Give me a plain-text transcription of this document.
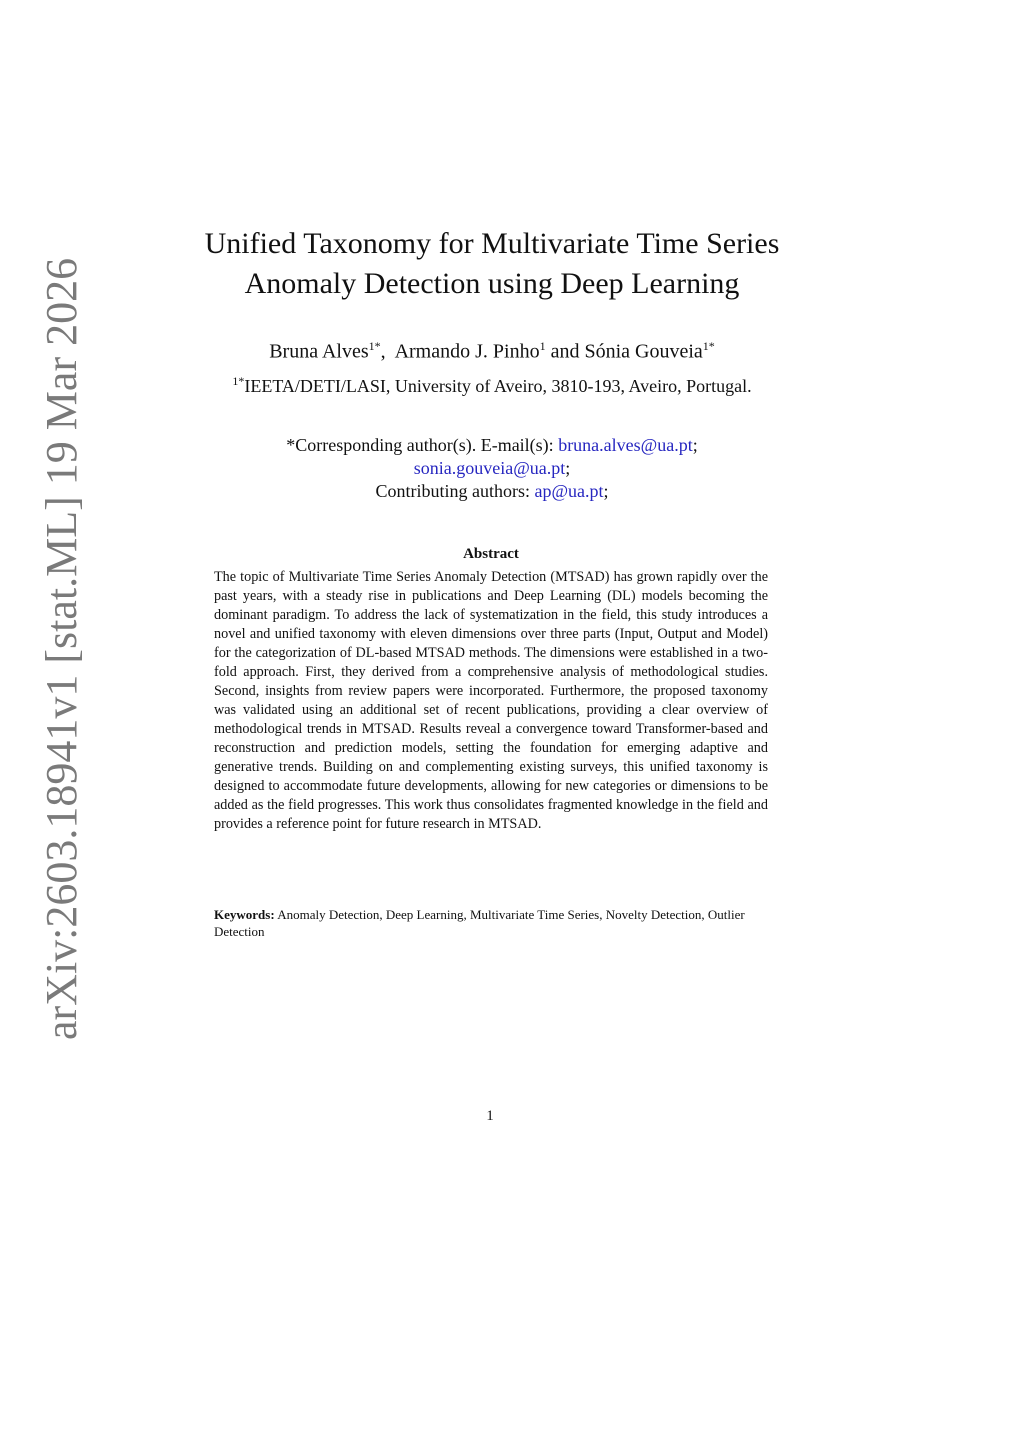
arXiv:2603.18941v1 [stat.ML] 19 Mar 2026
Unified Taxonomy for Multivariate Time Series
Anomaly Detection using Deep Learning
Bruna Alves$^{1*}$,  Armando J. Pinho$^1$ and Sónia Gouveia$^{1*}$
$^{1*}$IEETA/DETI/LASI, University of Aveiro, 3810-193, Aveiro, Portugal.
*Corresponding author(s). E-mail(s): bruna.alves@ua.pt;
sonia.gouveia@ua.pt;
Contributing authors: ap@ua.pt;
Abstract
The topic of Multivariate Time Series Anomaly Detection (MTSAD) has grown rapidly over the past years, with a steady rise in publications and Deep Learning (DL) models becoming the dominant paradigm. To address the lack of systematization in the field, this study introduces a novel and unified taxonomy with eleven dimensions over three parts (Input, Output and Model) for the categorization of DL-based MTSAD methods. The dimensions were established in a two-fold approach. First, they derived from a comprehensive analysis of methodological studies. Second, insights from review papers were incorporated. Furthermore, the proposed taxonomy was validated using an additional set of recent publications, providing a clear overview of methodological trends in MTSAD. Results reveal a convergence toward Transformer-based and reconstruction and prediction models, setting the foundation for emerging adaptive and generative trends. Building on and complementing existing surveys, this unified taxonomy is designed to accommodate future developments, allowing for new categories or dimensions to be added as the field progresses. This work thus consolidates fragmented knowledge in the field and provides a reference point for future research in MTSAD.
Keywords: Anomaly Detection, Deep Learning, Multivariate Time Series, Novelty Detection, Outlier Detection
1
